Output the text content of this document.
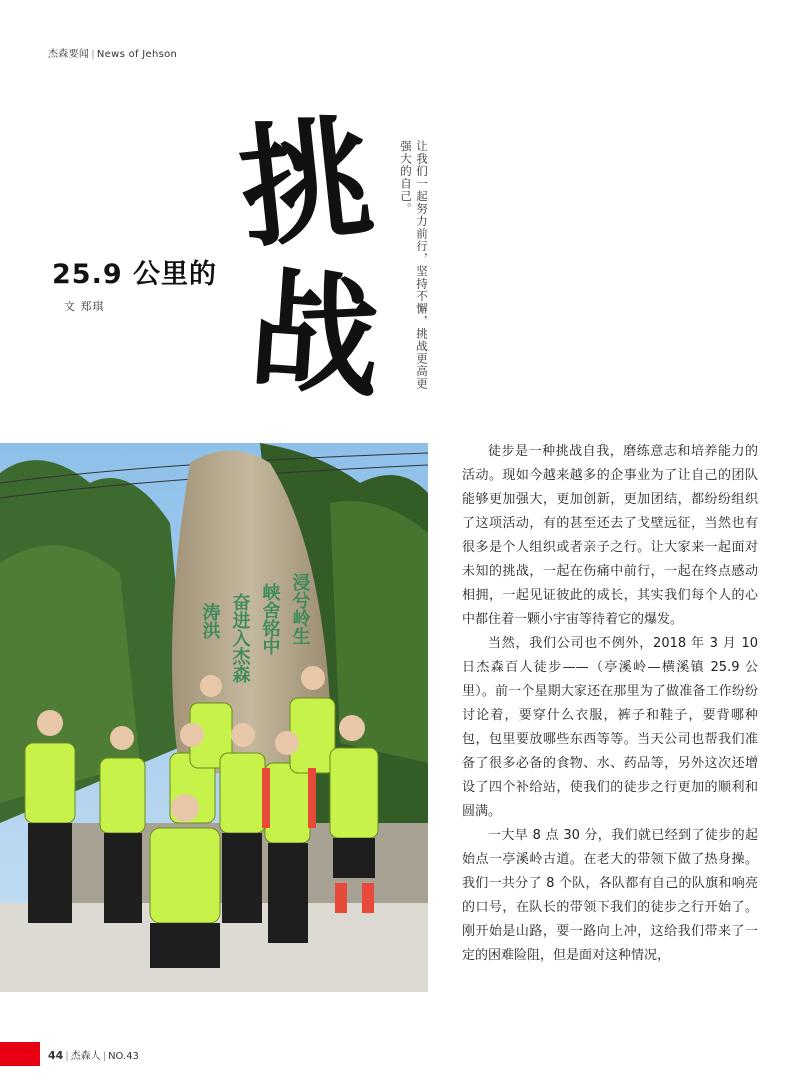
杰森要闻 | News of Jehson
25.9 公里的
文 郑琪
挑
战	让我们一起努力前行，坚持不懈，挑战更高更强大的自己。
浸兮岭生
峡舍铭中
奋进入杰森
涛洪

徒步是一种挑战自我，磨练意志和培养能力的活动。现如今越来越多的企事业为了让自己的团队能够更加强大，更加创新，更加团结，都纷纷组织了这项活动，有的甚至还去了戈壁远征，当然也有很多是个人组织或者亲子之行。让大家来一起面对未知的挑战，一起在伤痛中前行，一起在终点感动相拥，一起见证彼此的成长，其实我们每个人的心中都住着一颗小宇宙等待着它的爆发。

当然，我们公司也不例外，2018 年 3 月 10 日杰森百人徒步——（亭溪岭—横溪镇 25.9 公里）。前一个星期大家还在那里为了做准备工作纷纷讨论着，要穿什么衣服，裤子和鞋子，要背哪种包，包里要放哪些东西等等。当天公司也帮我们准备了很多必备的食物、水、药品等，另外这次还增设了四个补给站，使我们的徒步之行更加的顺利和圆满。

一大早 8 点 30 分，我们就已经到了徒步的起始点一亭溪岭古道。在老大的带领下做了热身操。我们一共分了 8 个队，各队都有自己的队旗和响亮的口号，在队长的带领下我们的徒步之行开始了。刚开始是山路，要一路向上冲，这给我们带来了一定的困难险阻，但是面对这种情况，

44 | 杰森人 | NO.43
